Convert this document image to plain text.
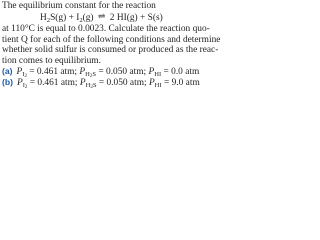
The equilibrium constant for the reaction
$H_2S(g) + I_2(g)$ ⇌ 2 HI(g) + S(s)
at 110°C is equal to 0.0023. Calculate the reaction quo-
tient Q for each of the following conditions and determine
whether solid sulfur is consumed or produced as the reac-
tion comes to equilibrium.
(a) $P_{I2} = 0.461$ atm; $P_{H2S} = 0.050$ atm; $P_{HI} = 0.0$ atm
(b) $P_{I2} = 0.461$ atm; $P_{H2S} = 0.050$ atm; $P_{HI} = 9.0$ atm
